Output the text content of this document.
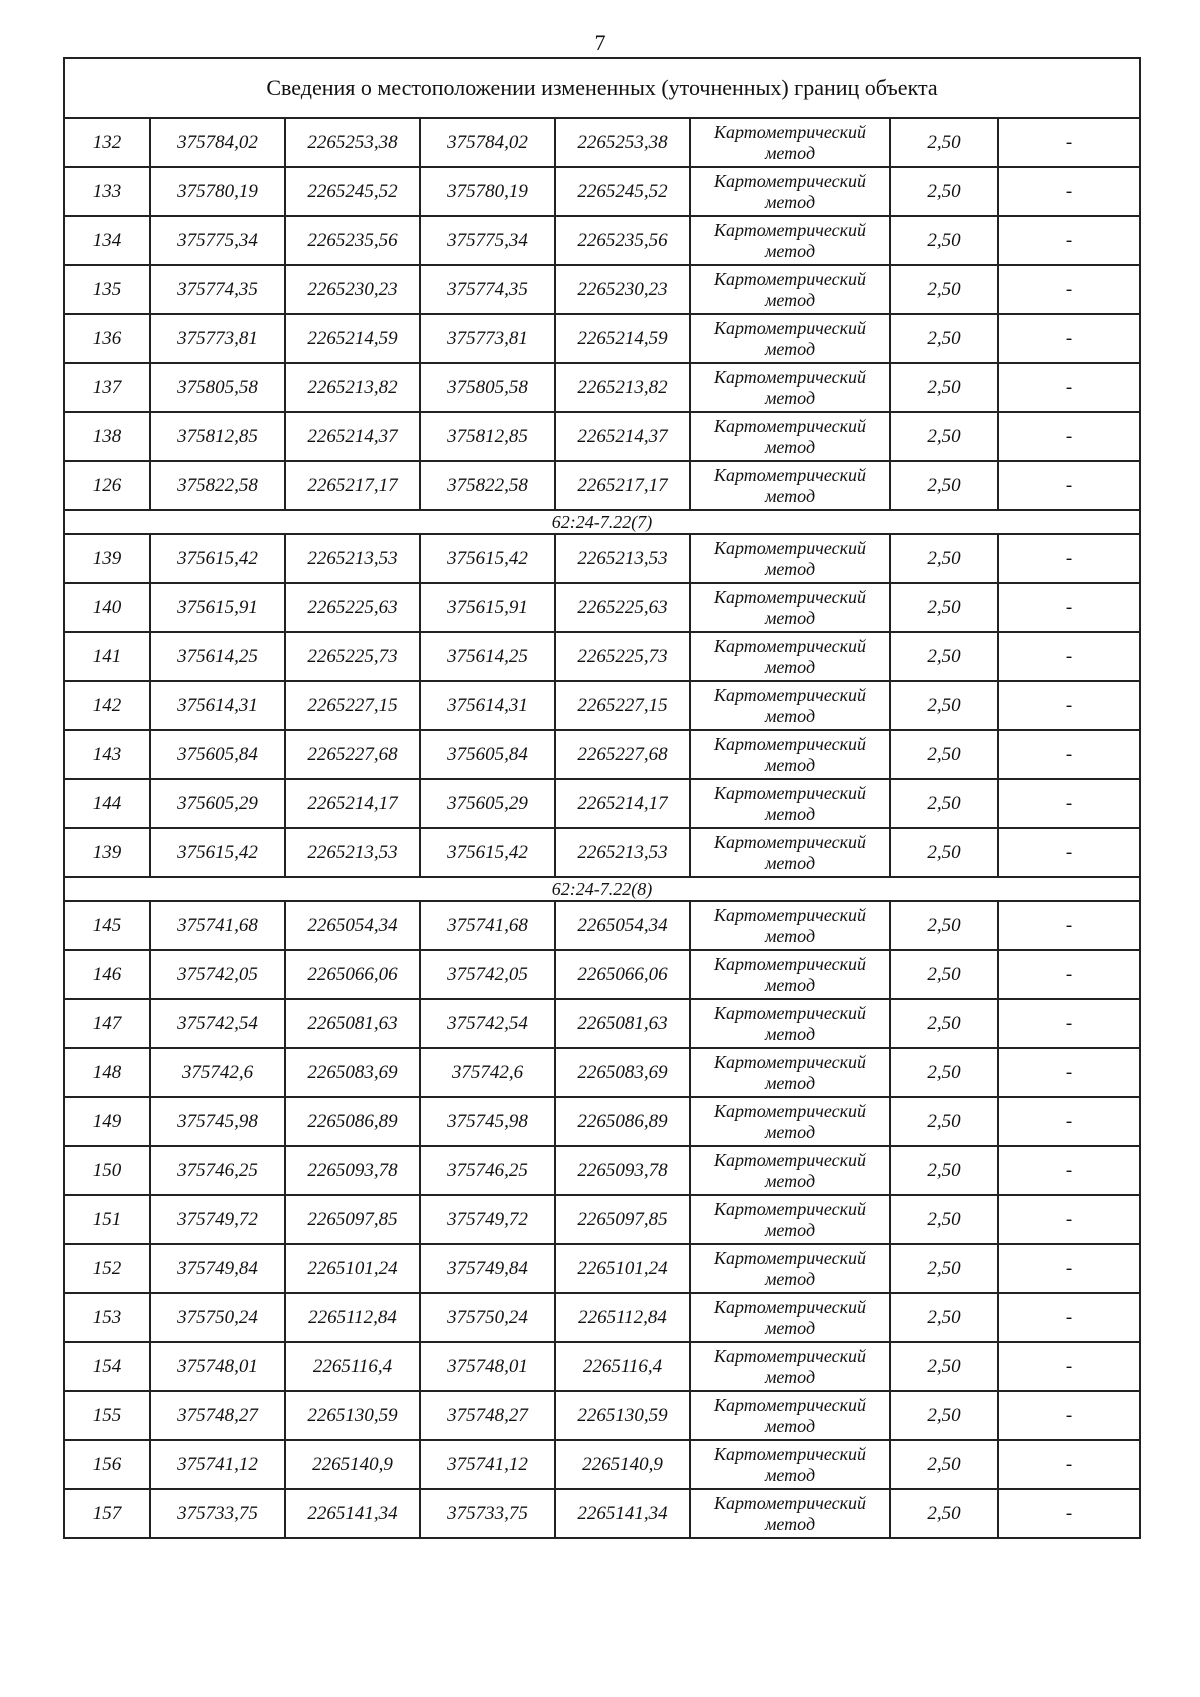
7
Сведения о местоположении измененных (уточненных) границ объекта							
132	375784,02	2265253,38	375784,02	2265253,38	Картометрический метод	2,50	-
133	375780,19	2265245,52	375780,19	2265245,52	Картометрический метод	2,50	-
134	375775,34	2265235,56	375775,34	2265235,56	Картометрический метод	2,50	-
135	375774,35	2265230,23	375774,35	2265230,23	Картометрический метод	2,50	-
136	375773,81	2265214,59	375773,81	2265214,59	Картометрический метод	2,50	-
137	375805,58	2265213,82	375805,58	2265213,82	Картометрический метод	2,50	-
138	375812,85	2265214,37	375812,85	2265214,37	Картометрический метод	2,50	-
126	375822,58	2265217,17	375822,58	2265217,17	Картометрический метод	2,50	-
62:24-7.22(7)							
139	375615,42	2265213,53	375615,42	2265213,53	Картометрический метод	2,50	-
140	375615,91	2265225,63	375615,91	2265225,63	Картометрический метод	2,50	-
141	375614,25	2265225,73	375614,25	2265225,73	Картометрический метод	2,50	-
142	375614,31	2265227,15	375614,31	2265227,15	Картометрический метод	2,50	-
143	375605,84	2265227,68	375605,84	2265227,68	Картометрический метод	2,50	-
144	375605,29	2265214,17	375605,29	2265214,17	Картометрический метод	2,50	-
139	375615,42	2265213,53	375615,42	2265213,53	Картометрический метод	2,50	-
62:24-7.22(8)							
145	375741,68	2265054,34	375741,68	2265054,34	Картометрический метод	2,50	-
146	375742,05	2265066,06	375742,05	2265066,06	Картометрический метод	2,50	-
147	375742,54	2265081,63	375742,54	2265081,63	Картометрический метод	2,50	-
148	375742,6	2265083,69	375742,6	2265083,69	Картометрический метод	2,50	-
149	375745,98	2265086,89	375745,98	2265086,89	Картометрический метод	2,50	-
150	375746,25	2265093,78	375746,25	2265093,78	Картометрический метод	2,50	-
151	375749,72	2265097,85	375749,72	2265097,85	Картометрический метод	2,50	-
152	375749,84	2265101,24	375749,84	2265101,24	Картометрический метод	2,50	-
153	375750,24	2265112,84	375750,24	2265112,84	Картометрический метод	2,50	-
154	375748,01	2265116,4	375748,01	2265116,4	Картометрический метод	2,50	-
155	375748,27	2265130,59	375748,27	2265130,59	Картометрический метод	2,50	-
156	375741,12	2265140,9	375741,12	2265140,9	Картометрический метод	2,50	-
157	375733,75	2265141,34	375733,75	2265141,34	Картометрический метод	2,50	-
